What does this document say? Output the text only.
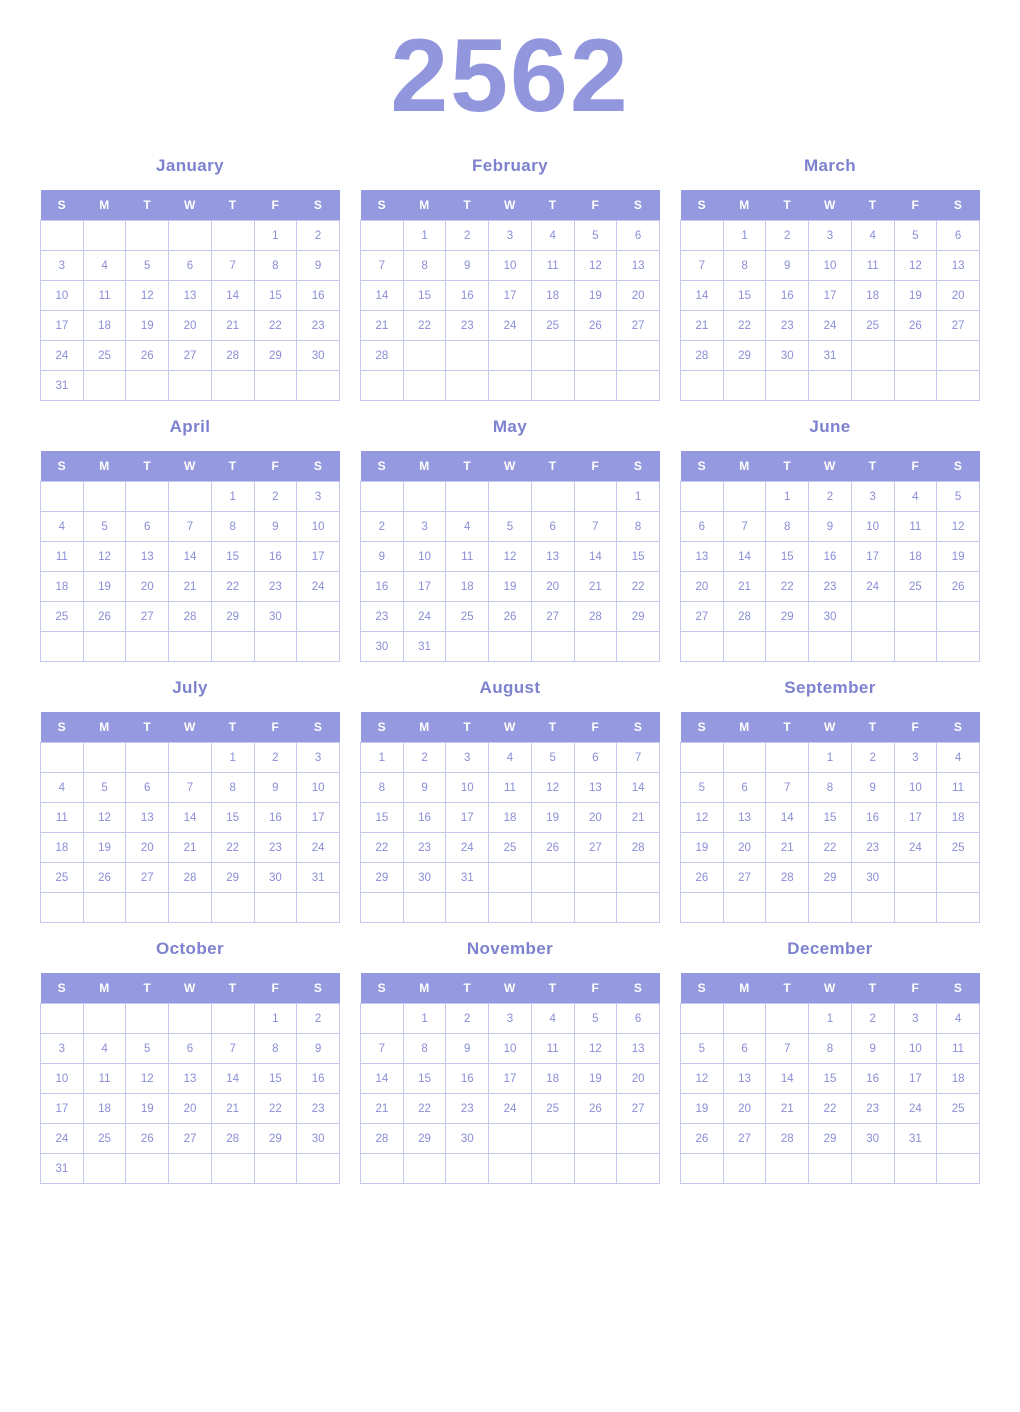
2562
January
S	M	T	W	T	F	S
					1	2
3	4	5	6	7	8	9
10	11	12	13	14	15	16
17	18	19	20	21	22	23
24	25	26	27	28	29	30
31						
February
S	M	T	W	T	F	S
	1	2	3	4	5	6
7	8	9	10	11	12	13
14	15	16	17	18	19	20
21	22	23	24	25	26	27
28						

March
S	M	T	W	T	F	S
	1	2	3	4	5	6
7	8	9	10	11	12	13
14	15	16	17	18	19	20
21	22	23	24	25	26	27
28	29	30	31			

April
S	M	T	W	T	F	S
				1	2	3
4	5	6	7	8	9	10
11	12	13	14	15	16	17
18	19	20	21	22	23	24
25	26	27	28	29	30	

May
S	M	T	W	T	F	S
						1
2	3	4	5	6	7	8
9	10	11	12	13	14	15
16	17	18	19	20	21	22
23	24	25	26	27	28	29
30	31					
June
S	M	T	W	T	F	S
		1	2	3	4	5
6	7	8	9	10	11	12
13	14	15	16	17	18	19
20	21	22	23	24	25	26
27	28	29	30			

July
S	M	T	W	T	F	S
				1	2	3
4	5	6	7	8	9	10
11	12	13	14	15	16	17
18	19	20	21	22	23	24
25	26	27	28	29	30	31

August
S	M	T	W	T	F	S
1	2	3	4	5	6	7
8	9	10	11	12	13	14
15	16	17	18	19	20	21
22	23	24	25	26	27	28
29	30	31				

September
S	M	T	W	T	F	S
			1	2	3	4
5	6	7	8	9	10	11
12	13	14	15	16	17	18
19	20	21	22	23	24	25
26	27	28	29	30		

October
S	M	T	W	T	F	S
					1	2
3	4	5	6	7	8	9
10	11	12	13	14	15	16
17	18	19	20	21	22	23
24	25	26	27	28	29	30
31						
November
S	M	T	W	T	F	S
	1	2	3	4	5	6
7	8	9	10	11	12	13
14	15	16	17	18	19	20
21	22	23	24	25	26	27
28	29	30				

December
S	M	T	W	T	F	S
			1	2	3	4
5	6	7	8	9	10	11
12	13	14	15	16	17	18
19	20	21	22	23	24	25
26	27	28	29	30	31	
